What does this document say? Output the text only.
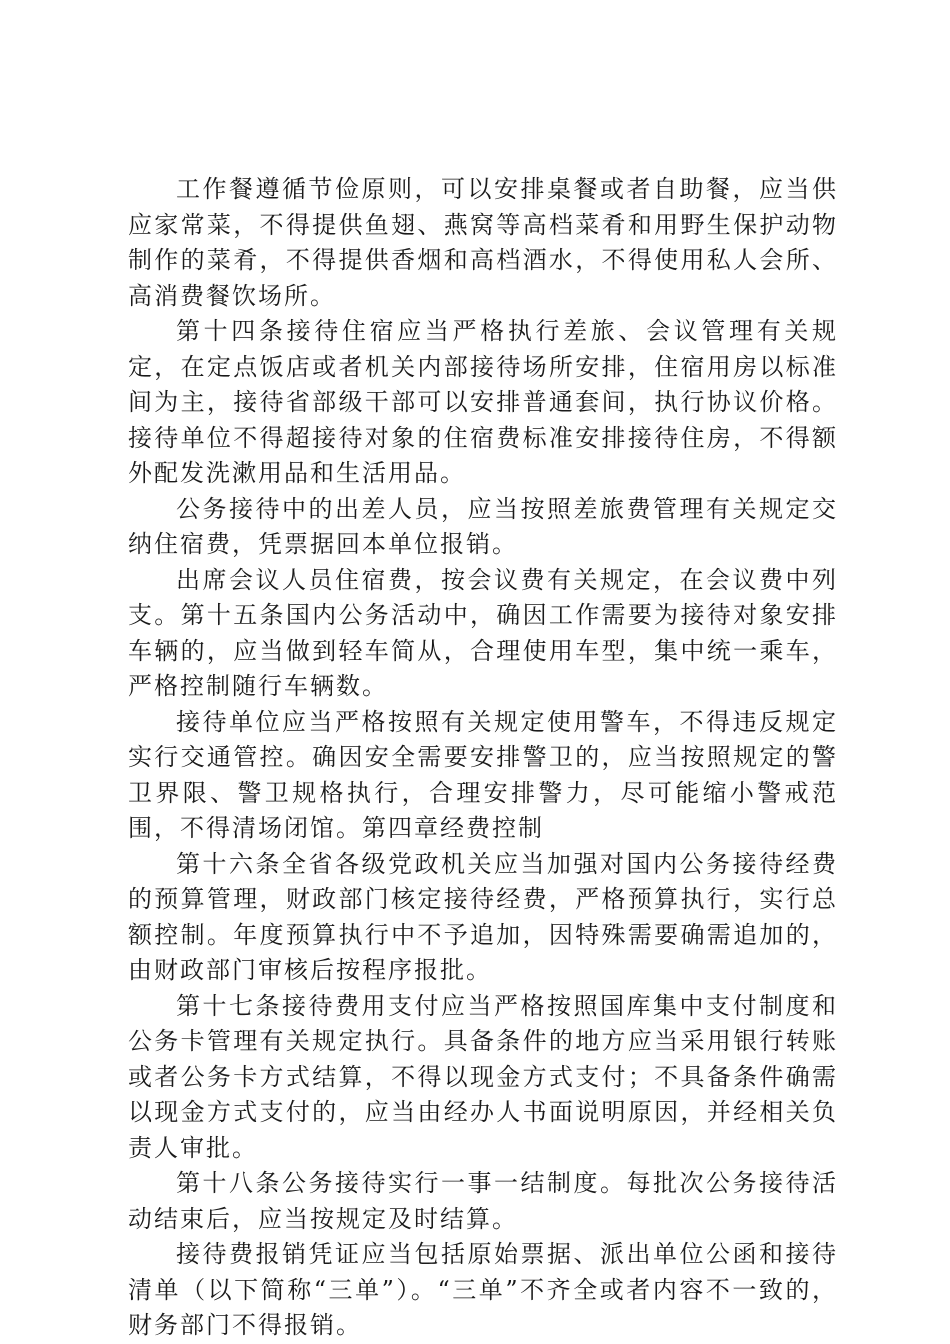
工作餐遵循节俭原则，可以安排桌餐或者自助餐，应当供应家常菜，不得提供鱼翅、燕窝等高档菜肴和用野生保护动物制作的菜肴，不得提供香烟和高档酒水，不得使用私人会所、高消费餐饮场所。

第十四条接待住宿应当严格执行差旅、会议管理有关规定，在定点饭店或者机关内部接待场所安排，住宿用房以标准间为主，接待省部级干部可以安排普通套间，执行协议价格。接待单位不得超接待对象的住宿费标准安排接待住房，不得额外配发洗漱用品和生活用品。

公务接待中的出差人员，应当按照差旅费管理有关规定交纳住宿费，凭票据回本单位报销。

出席会议人员住宿费，按会议费有关规定，在会议费中列支。第十五条国内公务活动中，确因工作需要为接待对象安排车辆的，应当做到轻车简从，合理使用车型，集中统一乘车，严格控制随行车辆数。

接待单位应当严格按照有关规定使用警车，不得违反规定实行交通管控。确因安全需要安排警卫的，应当按照规定的警卫界限、警卫规格执行，合理安排警力，尽可能缩小警戒范围，不得清场闭馆。第四章经费控制

第十六条全省各级党政机关应当加强对国内公务接待经费的预算管理，财政部门核定接待经费，严格预算执行，实行总额控制。年度预算执行中不予追加，因特殊需要确需追加的，由财政部门审核后按程序报批。

第十七条接待费用支付应当严格按照国库集中支付制度和公务卡管理有关规定执行。具备条件的地方应当采用银行转账或者公务卡方式结算，不得以现金方式支付；不具备条件确需以现金方式支付的，应当由经办人书面说明原因，并经相关负责人审批。

第十八条公务接待实行一事一结制度。每批次公务接待活动结束后，应当按规定及时结算。

接待费报销凭证应当包括原始票据、派出单位公函和接待清单（以下简称“三单”）。“三单”不齐全或者内容不一致的，财务部门不得报销。
